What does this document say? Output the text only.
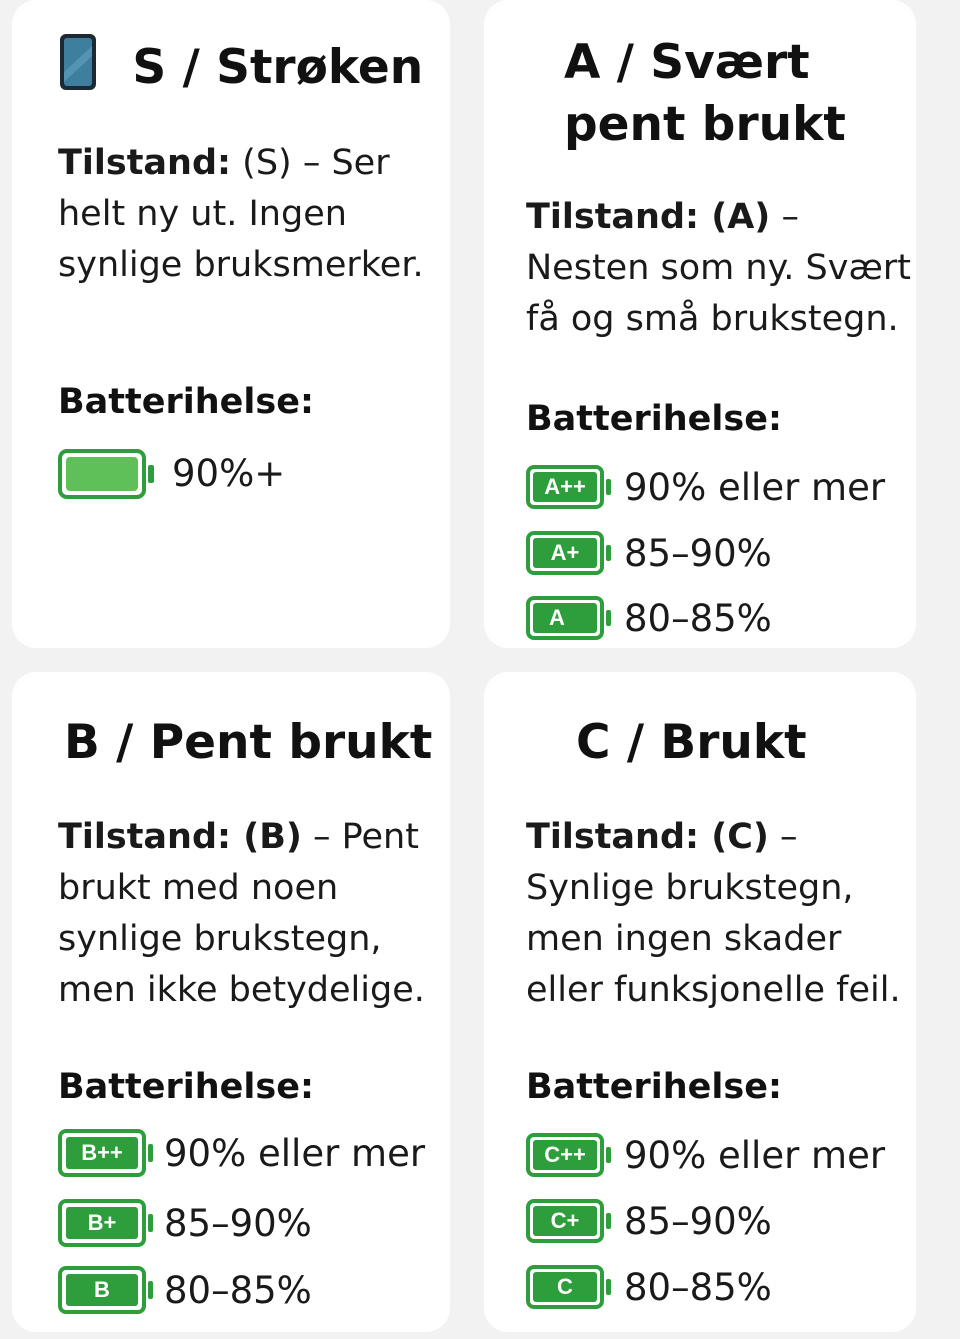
S / Strøken
Tilstand: (S) – Ser helt ny ut. Ingen synlige bruksmerker.
Batterihelse:
90%+
A / Svært
pent brukt
Tilstand: (A) – Nesten som ny. Svært få og små brukstegn.
Batterihelse:
A++ 90% eller mer
A+	85–90%
A	80–85%
B / Pent brukt
Tilstand: (B) – Pent brukt med noen synlige brukstegn, men ikke betydelige.
Batterihelse:
B++	90% eller mer
B+	85–90%
B	80–85%
C / Brukt
Tilstand: (C) – Synlige brukstegn, men ingen skader eller funksjonelle feil.
Batterihelse:
C++ 90% eller mer
C+	85–90%
C	80–85%
